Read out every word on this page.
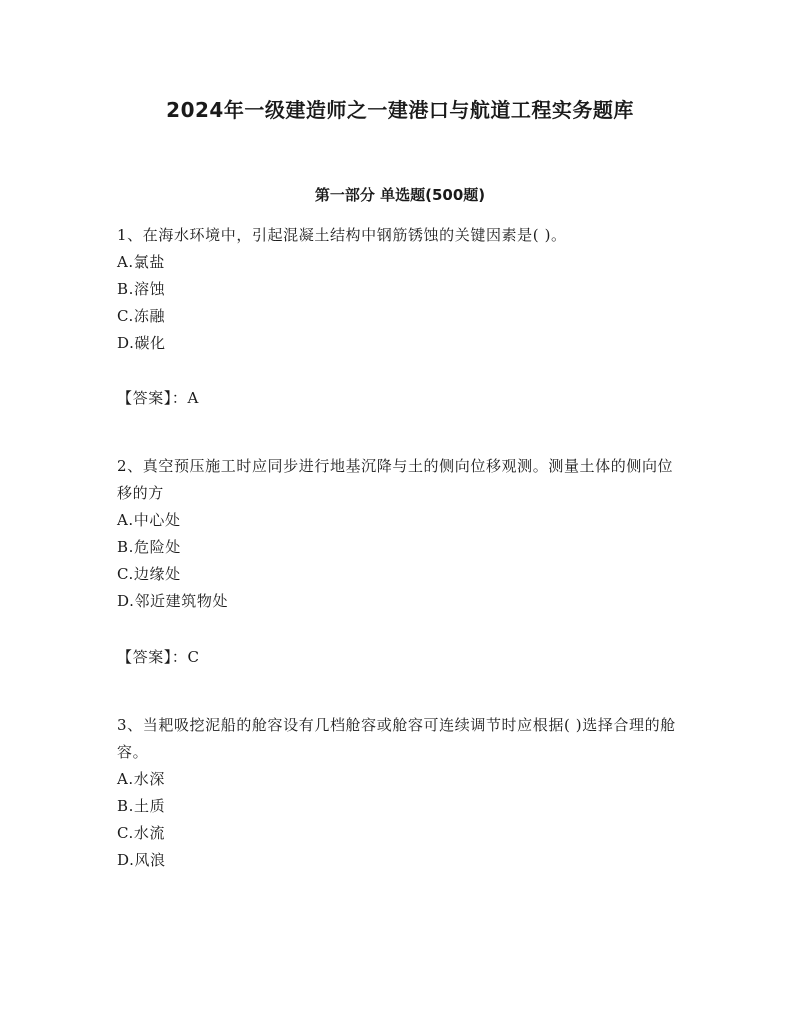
2024年一级建造师之一建港口与航道工程实务题库
第一部分 单选题(500题)

1、在海水环境中，引起混凝土结构中钢筋锈蚀的关键因素是( )。

A.氯盐

B.溶蚀

C.冻融

D.碳化

【答案】：A

2、真空预压施工时应同步进行地基沉降与土的侧向位移观测。测量土体的侧向位移的方

A.中心处

B.危险处

C.边缘处

D.邻近建筑物处

【答案】：C

3、当耙吸挖泥船的舱容设有几档舱容或舱容可连续调节时应根据( )选择合理的舱容。

A.水深

B.土质

C.水流

D.风浪
